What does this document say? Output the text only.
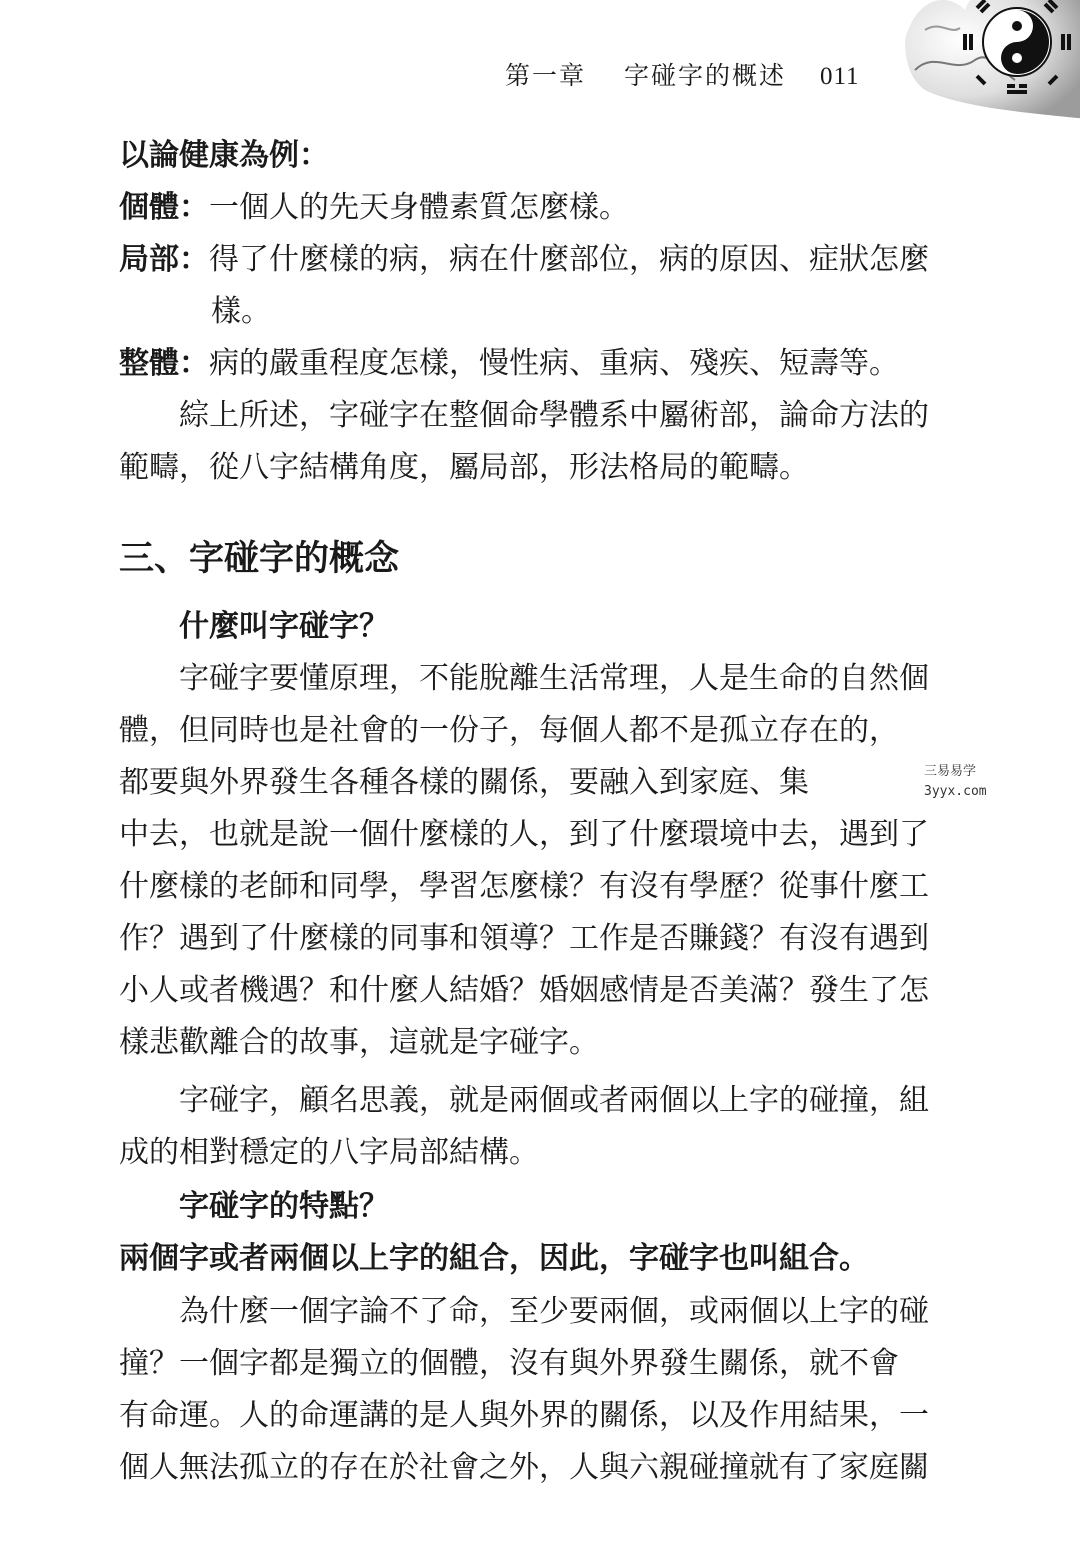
第一章 字碰字的概述 011
以論健康為例：
個體：一個人的先天身體素質怎麼樣。
局部：得了什麼樣的病，病在什麼部位，病的原因、症狀怎麼
樣。
整體：病的嚴重程度怎樣，慢性病、重病、殘疾、短壽等。
綜上所述，字碰字在整個命學體系中屬術部，論命方法的
範疇，從八字結構角度，屬局部，形法格局的範疇。
三、字碰字的概念
什麼叫字碰字？
字碰字要懂原理，不能脫離生活常理，人是生命的自然個
體，但同時也是社會的一份子，每個人都不是孤立存在的，
都要與外界發生各種各樣的關係，要融入到家庭、集
中去，也就是說一個什麼樣的人，到了什麼環境中去，遇到了
什麼樣的老師和同學，學習怎麼樣？有沒有學歷？從事什麼工
作？遇到了什麼樣的同事和領導？工作是否賺錢？有沒有遇到
小人或者機遇？和什麼人結婚？婚姻感情是否美滿？發生了怎
樣悲歡離合的故事，這就是字碰字。
字碰字，顧名思義，就是兩個或者兩個以上字的碰撞，組
成的相對穩定的八字局部結構。
字碰字的特點？
兩個字或者兩個以上字的組合，因此，字碰字也叫組合。
為什麼一個字論不了命，至少要兩個，或兩個以上字的碰
撞？一個字都是獨立的個體，沒有與外界發生關係，就不會
有命運。人的命運講的是人與外界的關係，以及作用結果，一
個人無法孤立的存在於社會之外，人與六親碰撞就有了家庭關
三易易学
3yyx.com
